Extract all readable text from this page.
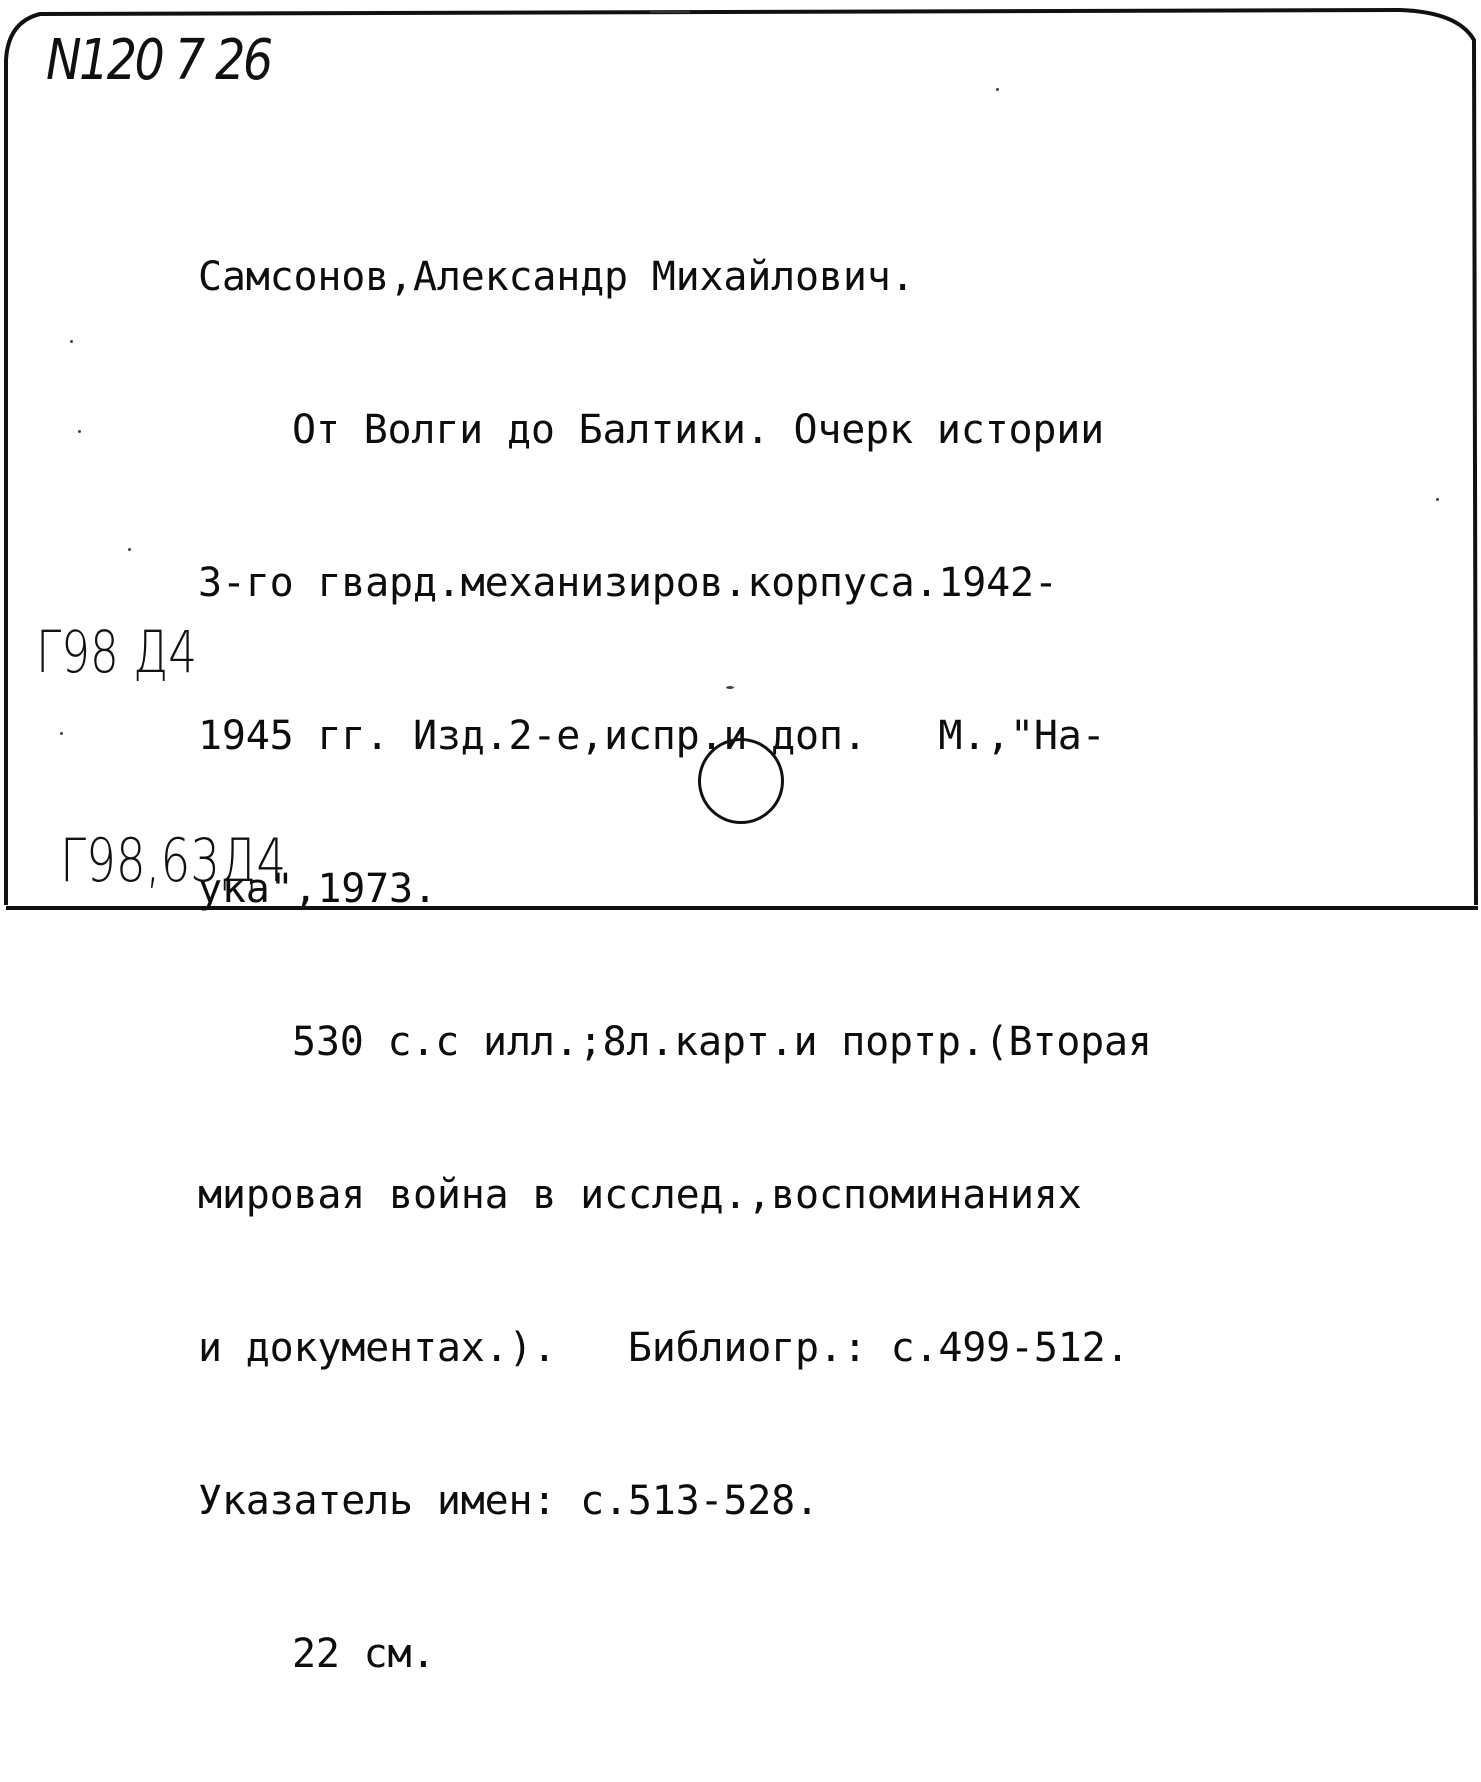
N120 7 26

Самсонов,Александр Михайлович.

От Волги до Балтики. Очерк истории

3-го гвард.механизиров.корпуса.1942-

1945 гг. Изд.2-е,испр.и доп.   М.,"На-

ука",1973.

530 с.с илл.;8л.карт.и портр.(Вторая

мировая война в исслед.,воспоминаниях

и документах.).   Библиогр.: с.499-512.

Указатель имен: с.513-528.

22 см.

Г98 Д4
Г98,63Д4
